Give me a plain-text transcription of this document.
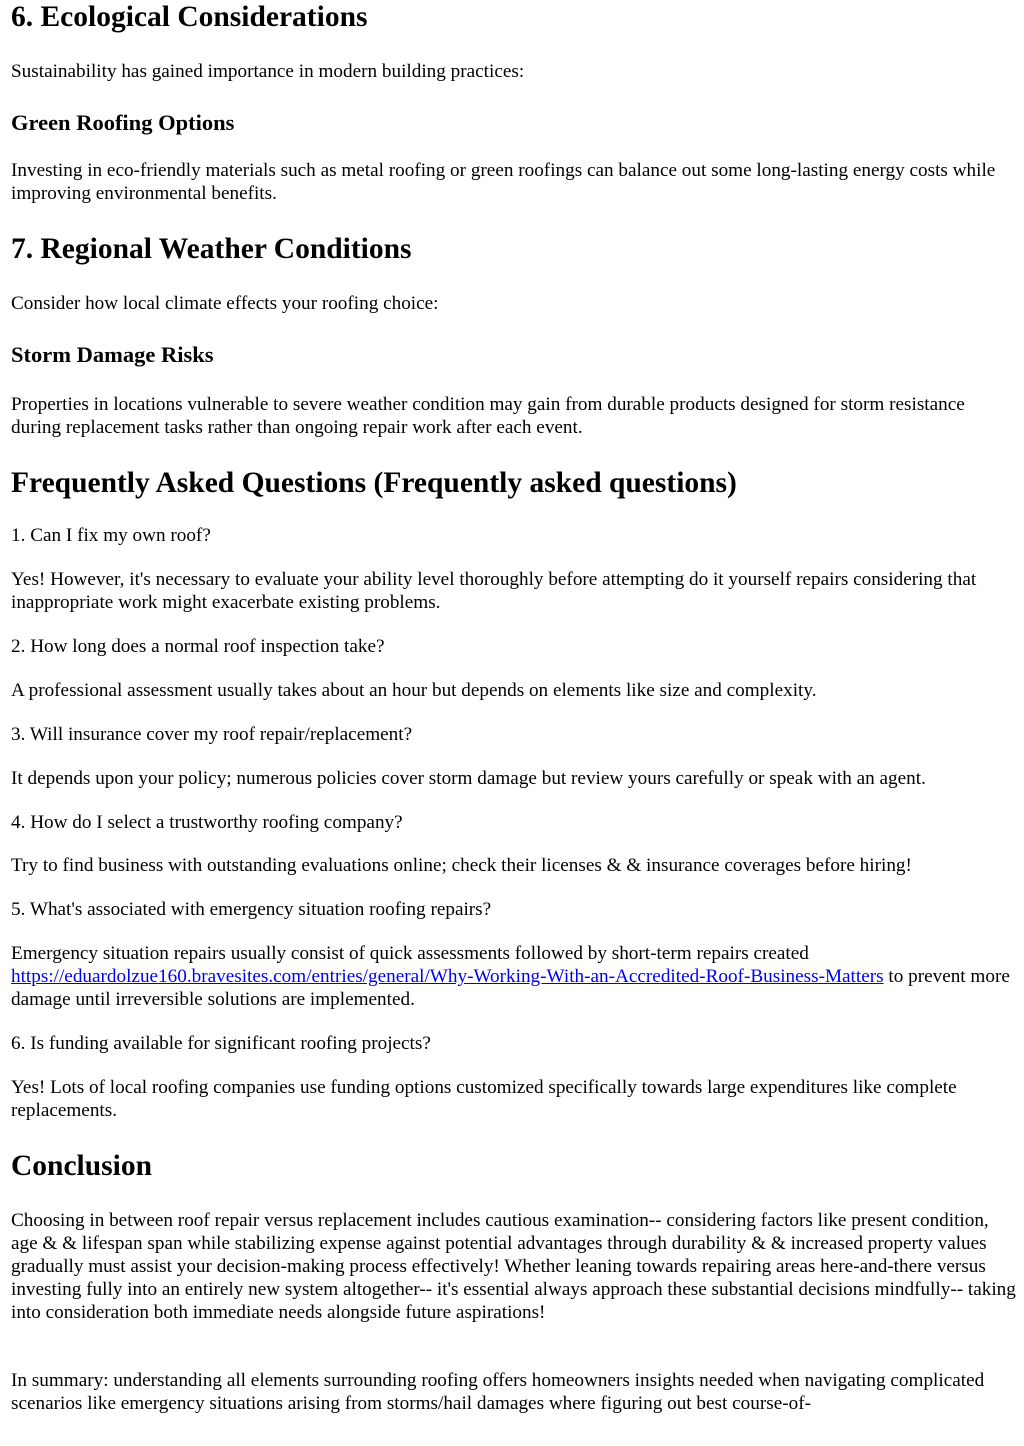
6. Ecological Considerations

Sustainability has gained importance in modern building practices:

Green Roofing Options

Investing in eco-friendly materials such as metal roofing or green roofings can balance out some long-lasting energy costs while improving environmental benefits.

7. Regional Weather Conditions

Consider how local climate effects your roofing choice:

Storm Damage Risks

Properties in locations vulnerable to severe weather condition may gain from durable products designed for storm resistance during replacement tasks rather than ongoing repair work after each event.

Frequently Asked Questions (Frequently asked questions)

1. Can I fix my own roof?

Yes! However, it's necessary to evaluate your ability level thoroughly before attempting do it yourself repairs considering that inappropriate work might exacerbate existing problems.

2. How long does a normal roof inspection take?

A professional assessment usually takes about an hour but depends on elements like size and complexity.

3. Will insurance cover my roof repair/replacement?

It depends upon your policy; numerous policies cover storm damage but review yours carefully or speak with an agent.

4. How do I select a trustworthy roofing company?

Try to find business with outstanding evaluations online; check their licenses & & insurance coverages before hiring!

5. What's associated with emergency situation roofing repairs?

Emergency situation repairs usually consist of quick assessments followed by short-term repairs created https://eduardolzue160.bravesites.com/entries/general/Why-Working-With-an-Accredited-Roof-Business-Matters to prevent more damage until irreversible solutions are implemented.

6. Is funding available for significant roofing projects?

Yes! Lots of local roofing companies use funding options customized specifically towards large expenditures like complete replacements.

Conclusion

Choosing in between roof repair versus replacement includes cautious examination-- considering factors like present condition, age & & lifespan span while stabilizing expense against potential advantages through durability & & increased property values gradually must assist your decision-making process effectively! Whether leaning towards repairing areas here-and-there versus investing fully into an entirely new system altogether-- it's essential always approach these substantial decisions mindfully-- taking into consideration both immediate needs alongside future aspirations!

In summary: understanding all elements surrounding roofing offers homeowners insights needed when navigating complicated scenarios like emergency situations arising from storms/hail damages where figuring out best course-of-
